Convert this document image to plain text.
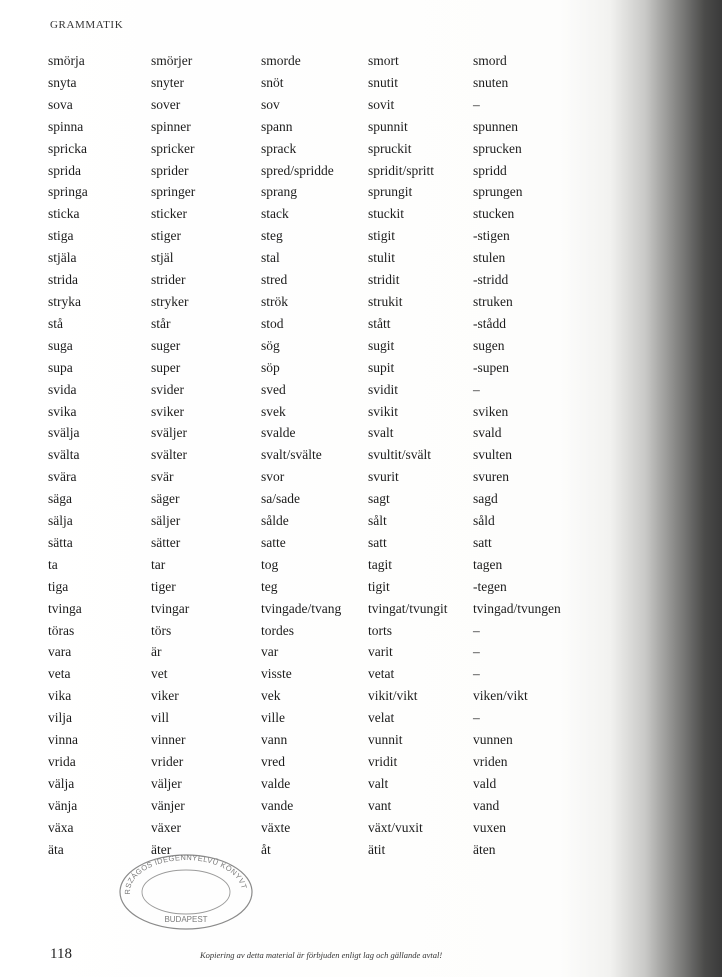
GRAMMATIK
smörja	smörjer	smorde	smort	smord
snyta	snyter	snöt	snutit	snuten
sova	sover	sov	sovit	–
spinna	spinner	spann	spunnit	spunnen
spricka	spricker	sprack	spruckit	sprucken
sprida	sprider	spred/spridde	spridit/spritt	spridd
springa	springer	sprang	sprungit	sprungen
sticka	sticker	stack	stuckit	stucken
stiga	stiger	steg	stigit	-stigen
stjäla	stjäl	stal	stulit	stulen
strida	strider	stred	stridit	-stridd
stryka	stryker	strök	strukit	struken
stå	står	stod	stått	-stådd
suga	suger	sög	sugit	sugen
supa	super	söp	supit	-supen
svida	svider	sved	svidit	–
svika	sviker	svek	svikit	sviken
svälja	sväljer	svalde	svalt	svald
svälta	svälter	svalt/svälte	svultit/svält	svulten
svära	svär	svor	svurit	svuren
säga	säger	sa/sade	sagt	sagd
sälja	säljer	sålde	sålt	såld
sätta	sätter	satte	satt	satt
ta	tar	tog	tagit	tagen
tiga	tiger	teg	tigit	-tegen
tvinga	tvingar	tvingade/tvang	tvingat/tvungit	tvingad/tvungen
töras	törs	tordes	torts	–
vara	är	var	varit	–
veta	vet	visste	vetat	–
vika	viker	vek	vikit/vikt	viken/vikt
vilja	vill	ville	velat	–
vinna	vinner	vann	vunnit	vunnen
vrida	vrider	vred	vridit	vriden
välja	väljer	valde	valt	vald
vänja	vänjer	vande	vant	vand
växa	växer	växte	växt/vuxit	vuxen
äta	äter	åt	ätit	äten
RSZÁGOS IDEGENNYELVŰ KÖNYVT
BUDAPEST
118	Kopiering av detta material är förbjuden enligt lag och gällande avtal!
